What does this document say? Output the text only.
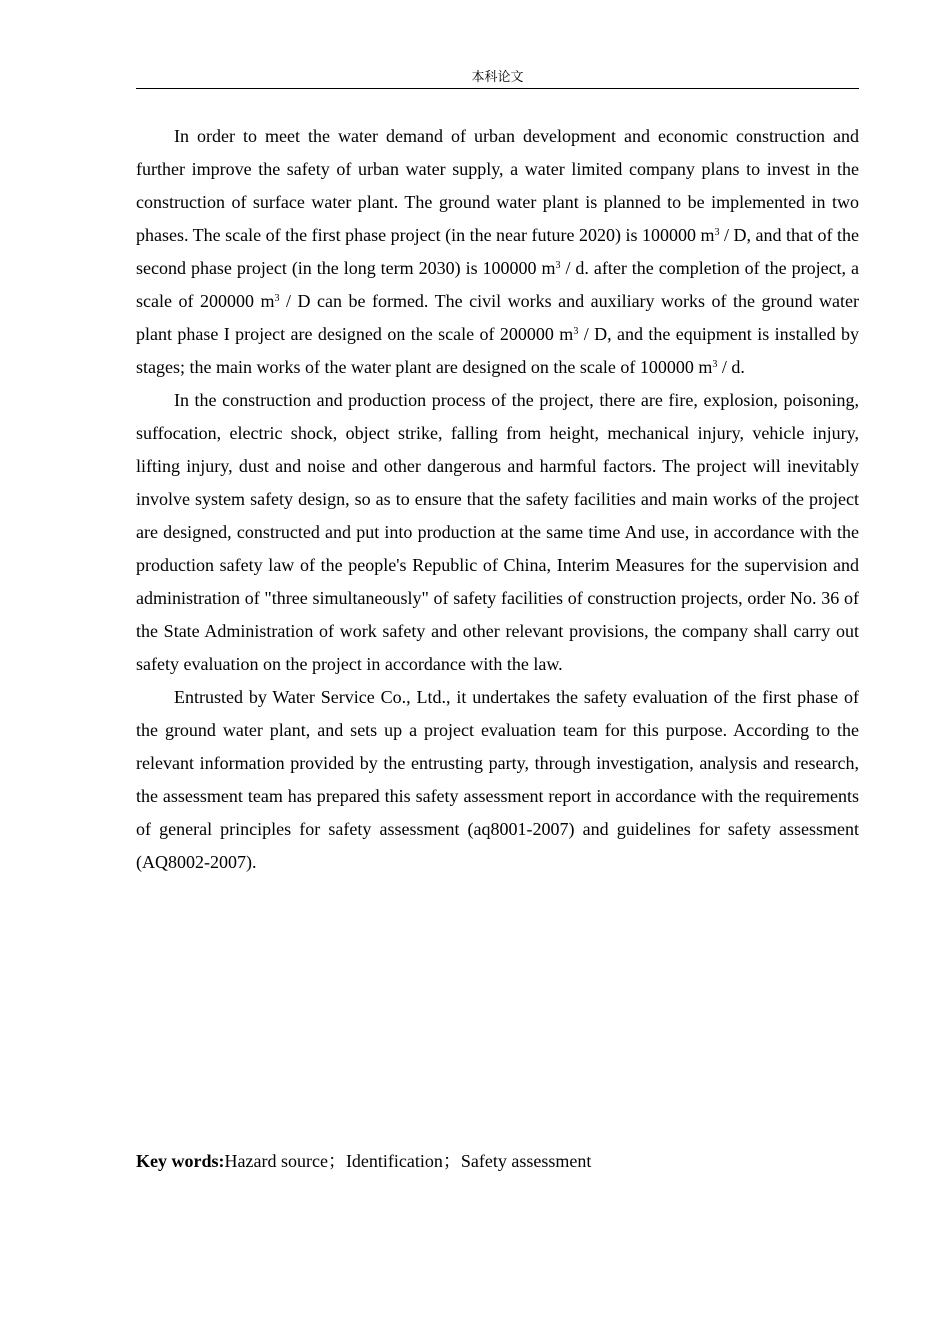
本科论文

In order to meet the water demand of urban development and economic construction and further improve the safety of urban water supply, a water limited company plans to invest in the construction of surface water plant. The ground water plant is planned to be implemented in two phases. The scale of the first phase project (in the near future 2020) is 100000 $m^3$ / D, and that of the second phase project (in the long term 2030) is 100000 $m^3$ / d. after the completion of the project, a scale of 200000 $m^3$ / D can be formed. The civil works and auxiliary works of the ground water plant phase I project are designed on the scale of 200000 $m^3$ / D, and the equipment is installed by stages; the main works of the water plant are designed on the scale of 100000 $m^3$ / d.

In the construction and production process of the project, there are fire, explosion, poisoning, suffocation, electric shock, object strike, falling from height, mechanical injury, vehicle injury, lifting injury, dust and noise and other dangerous and harmful factors. The project will inevitably involve system safety design, so as to ensure that the safety facilities and main works of the project are designed, constructed and put into production at the same time And use, in accordance with the production safety law of the people's Republic of China, Interim Measures for the supervision and administration of "three simultaneously" of safety facilities of construction projects, order No. 36 of the State Administration of work safety and other relevant provisions, the company shall carry out safety evaluation on the project in accordance with the law.

Entrusted by Water Service Co., Ltd., it undertakes the safety evaluation of the first phase of the ground water plant, and sets up a project evaluation team for this purpose. According to the relevant information provided by the entrusting party, through investigation, analysis and research, the assessment team has prepared this safety assessment report in accordance with the requirements of general principles for safety assessment (aq8001-2007) and guidelines for safety assessment (AQ8002-2007).

Key words:Hazard source；Identification；Safety assessment
